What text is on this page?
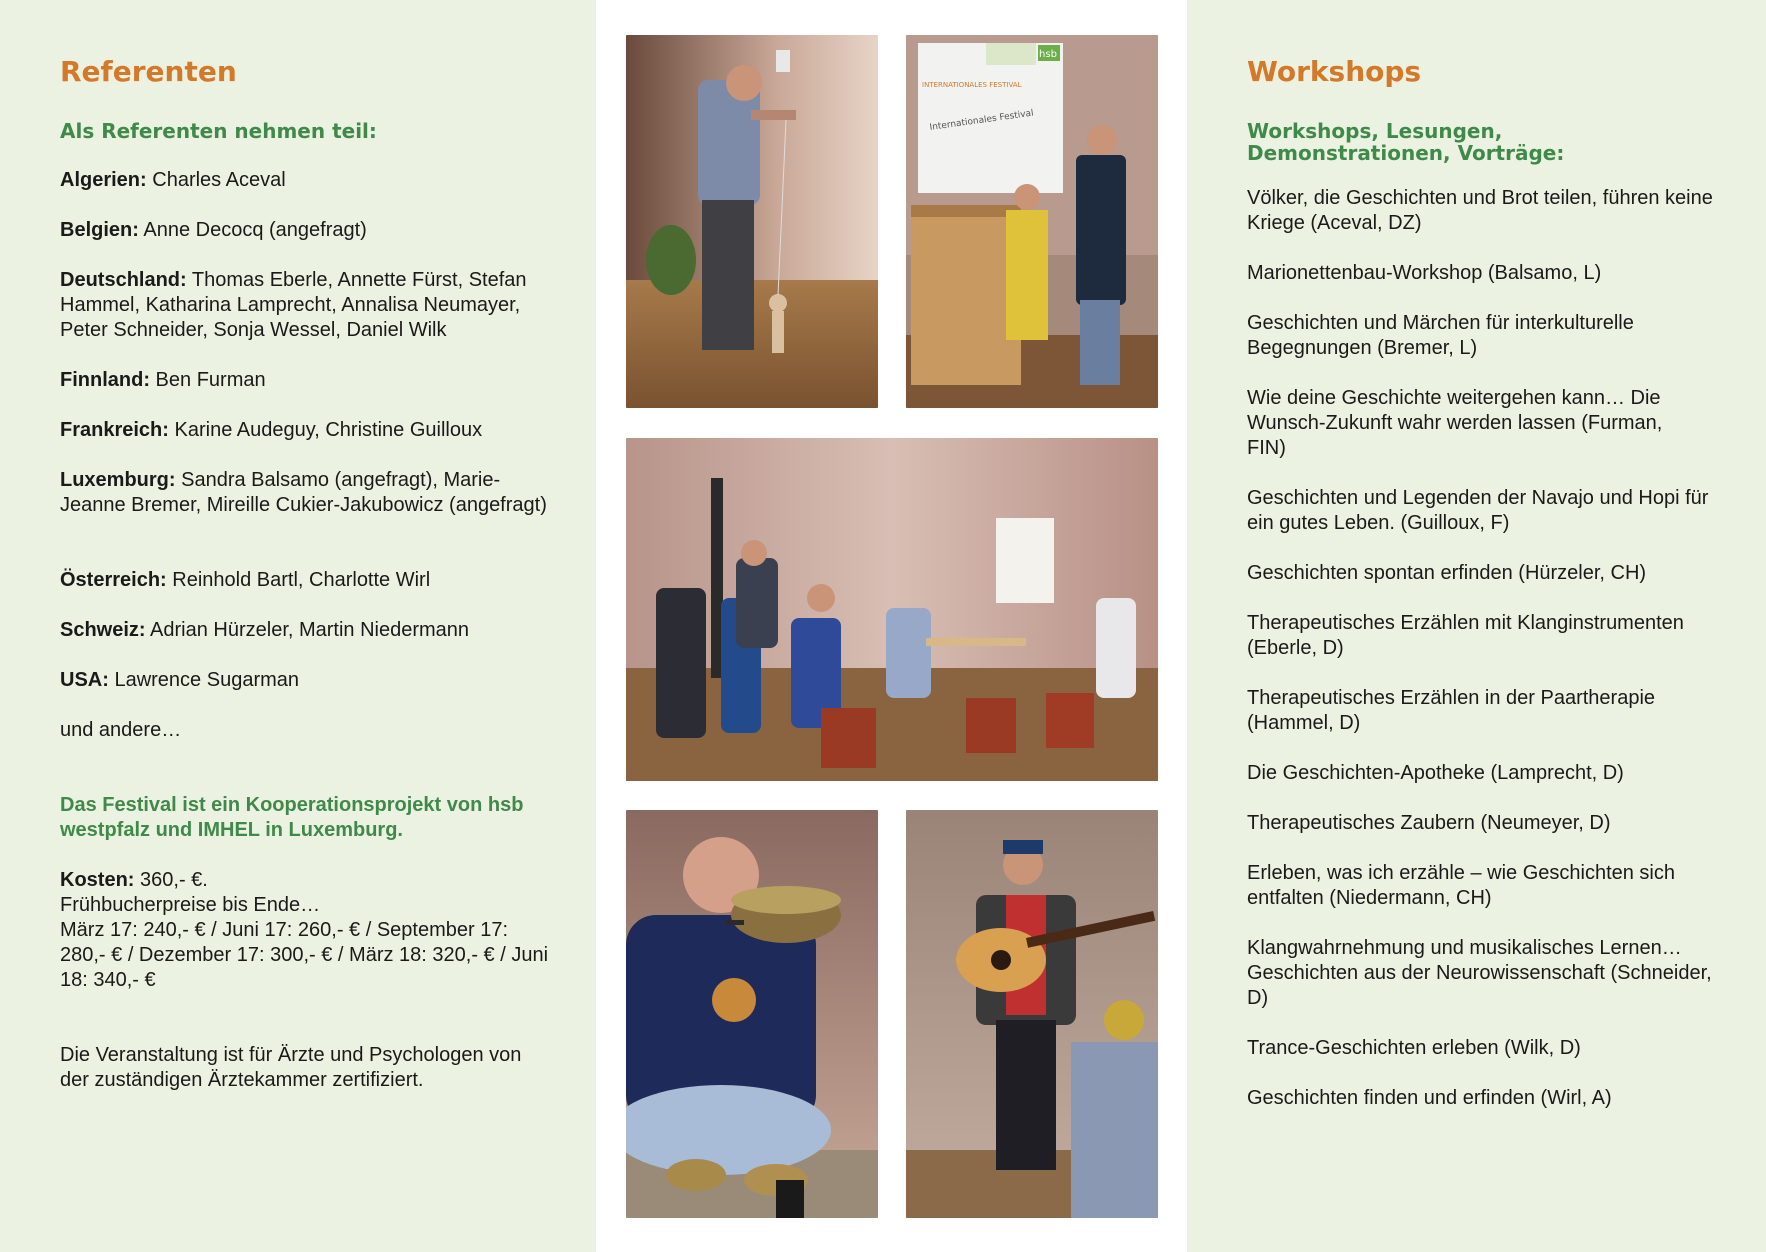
Referenten
Als Referenten nehmen teil:
Algerien: Charles Aceval
Belgien: Anne Decocq (angefragt)
Deutschland: Thomas Eberle, Annette Fürst, Stefan Hammel, Katharina Lamprecht, Annalisa Neumayer, Peter Schneider, Sonja Wessel, Daniel Wilk
Finnland: Ben Furman
Frankreich: Karine Audeguy, Christine Guilloux
Luxemburg: Sandra Balsamo (angefragt), Marie-Jeanne Bremer, Mireille Cukier-Jakubowicz (angefragt)
Österreich: Reinhold Bartl, Charlotte Wirl
Schweiz: Adrian Hürzeler, Martin Niedermann
USA: Lawrence Sugarman
und andere…
Das Festival ist ein Kooperationsprojekt von hsb westpfalz und IMHEL in Luxemburg.
Kosten: 360,- €.
Frühbucherpreise bis Ende…
März 17: 240,- € / Juni 17: 260,- € / September 17: 280,- € / Dezember 17: 300,- € / März 18: 320,- € / Juni 18: 340,- €
Die Veranstaltung ist für Ärzte und Psychologen von der zuständigen Ärztekammer zertifiziert.
hsb
INTERNATIONALES FESTIVAL
Internationales Festival
Workshops
Workshops, Lesungen, Demonstrationen, Vorträge:
Völker, die Geschichten und Brot teilen, führen keine Kriege (Aceval, DZ)
Marionettenbau-Workshop (Balsamo, L)
Geschichten und Märchen für interkulturelle Begegnungen (Bremer, L)
Wie deine Geschichte weitergehen kann… Die Wunsch-Zukunft wahr werden lassen (Furman, FIN)
Geschichten und Legenden der Navajo und Hopi für ein gutes Leben. (Guilloux, F)
Geschichten spontan erfinden (Hürzeler, CH)
Therapeutisches Erzählen mit Klanginstrumenten (Eberle, D)
Therapeutisches Erzählen in der Paartherapie (Hammel, D)
Die Geschichten-Apotheke (Lamprecht, D)
Therapeutisches Zaubern (Neumeyer, D)
Erleben, was ich erzähle – wie Geschichten sich entfalten (Niedermann, CH)
Klangwahrnehmung und musikalisches Lernen… Geschichten aus der Neurowissenschaft (Schneider, D)
Trance-Geschichten erleben (Wilk, D)
Geschichten finden und erfinden (Wirl, A)
